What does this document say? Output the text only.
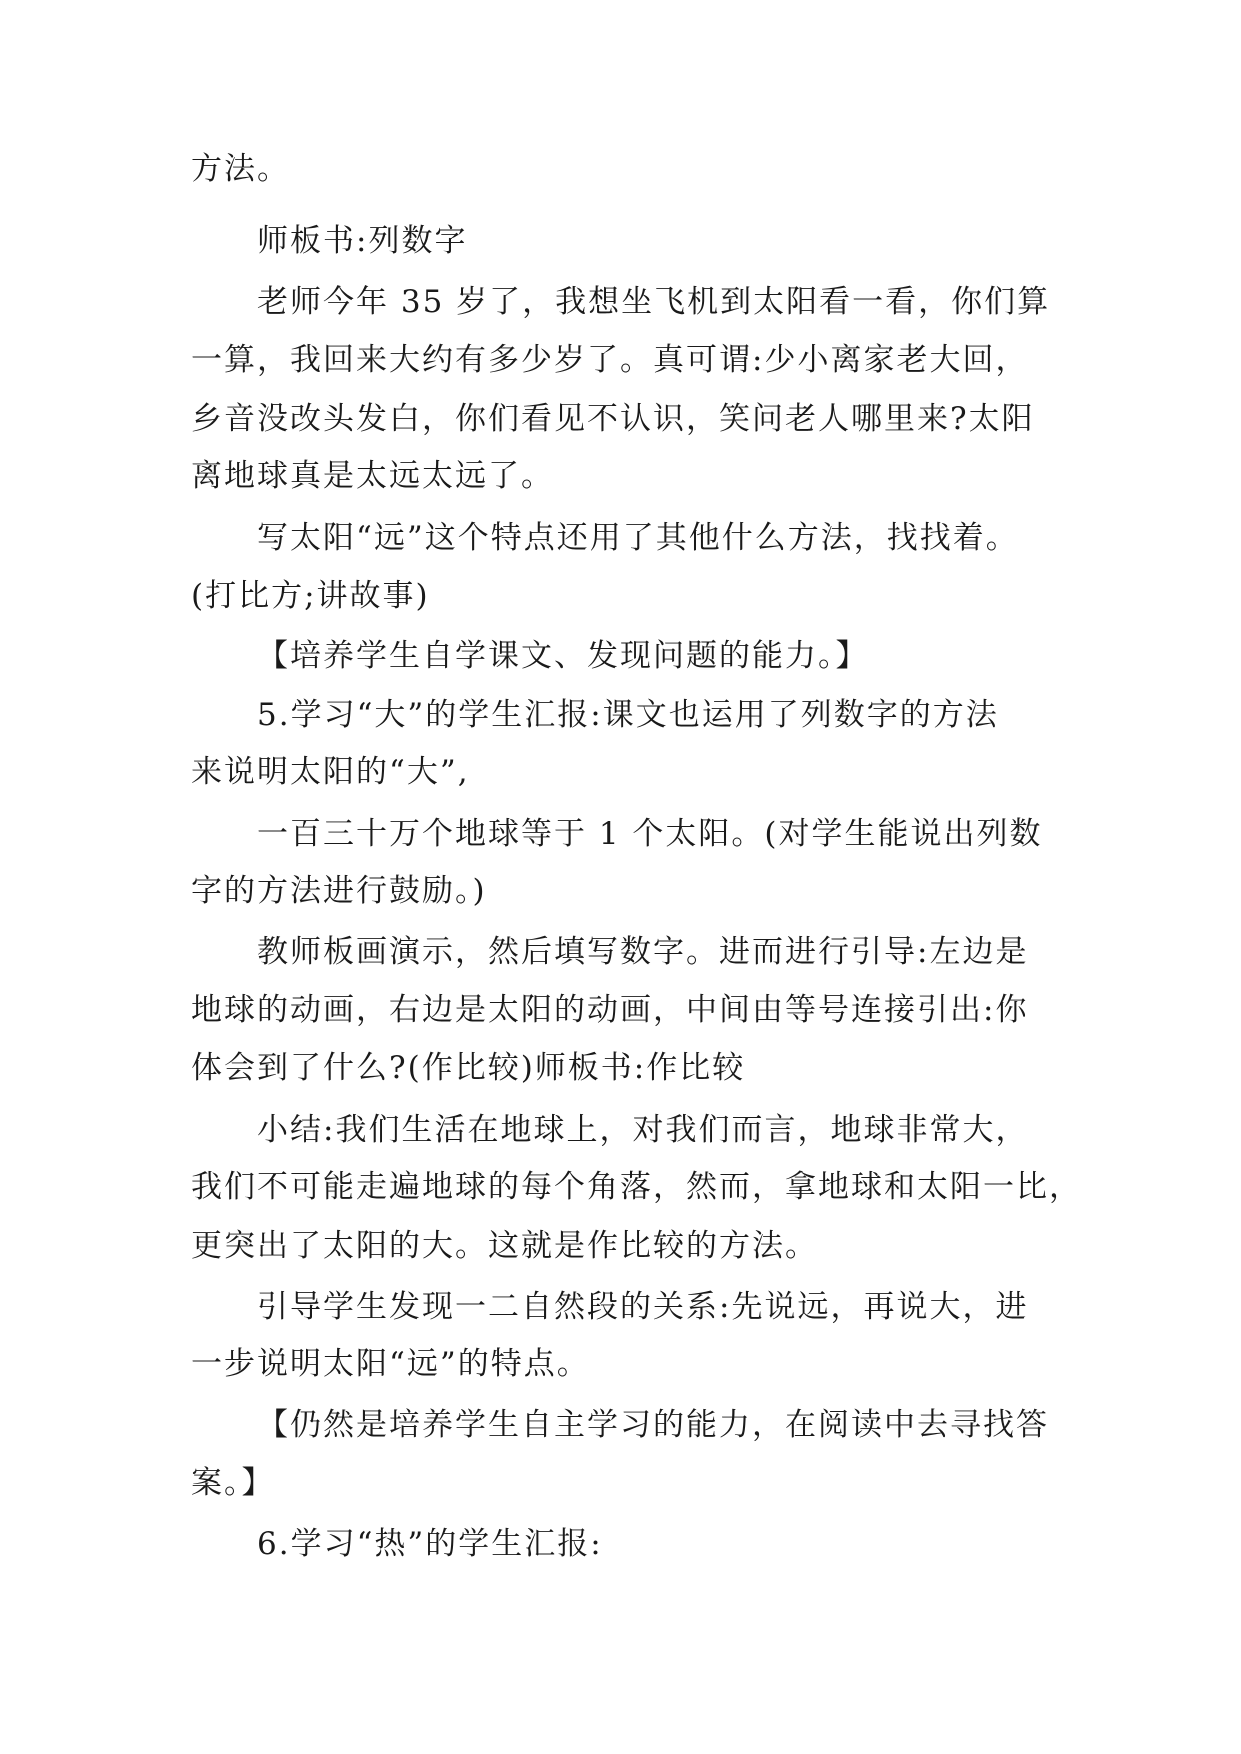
方法。
师板书:列数字
老师今年 35 岁了，我想坐飞机到太阳看一看，你们算
一算，我回来大约有多少岁了。真可谓:少小离家老大回，
乡音没改头发白，你们看见不认识，笑问老人哪里来?太阳
离地球真是太远太远了。
写太阳“远”这个特点还用了其他什么方法，找找着。
(打比方;讲故事)
【培养学生自学课文、发现问题的能力。】
5.学习“大”的学生汇报:课文也运用了列数字的方法
来说明太阳的“大”,
一百三十万个地球等于 1 个太阳。(对学生能说出列数
字的方法进行鼓励。)
教师板画演示，然后填写数字。进而进行引导:左边是
地球的动画，右边是太阳的动画，中间由等号连接引出:你
体会到了什么?(作比较)师板书:作比较
小结:我们生活在地球上，对我们而言，地球非常大，
我们不可能走遍地球的每个角落，然而，拿地球和太阳一比，
更突出了太阳的大。这就是作比较的方法。
引导学生发现一二自然段的关系:先说远，再说大，进
一步说明太阳“远”的特点。
【仍然是培养学生自主学习的能力，在阅读中去寻找答
案。】
6.学习“热”的学生汇报:
